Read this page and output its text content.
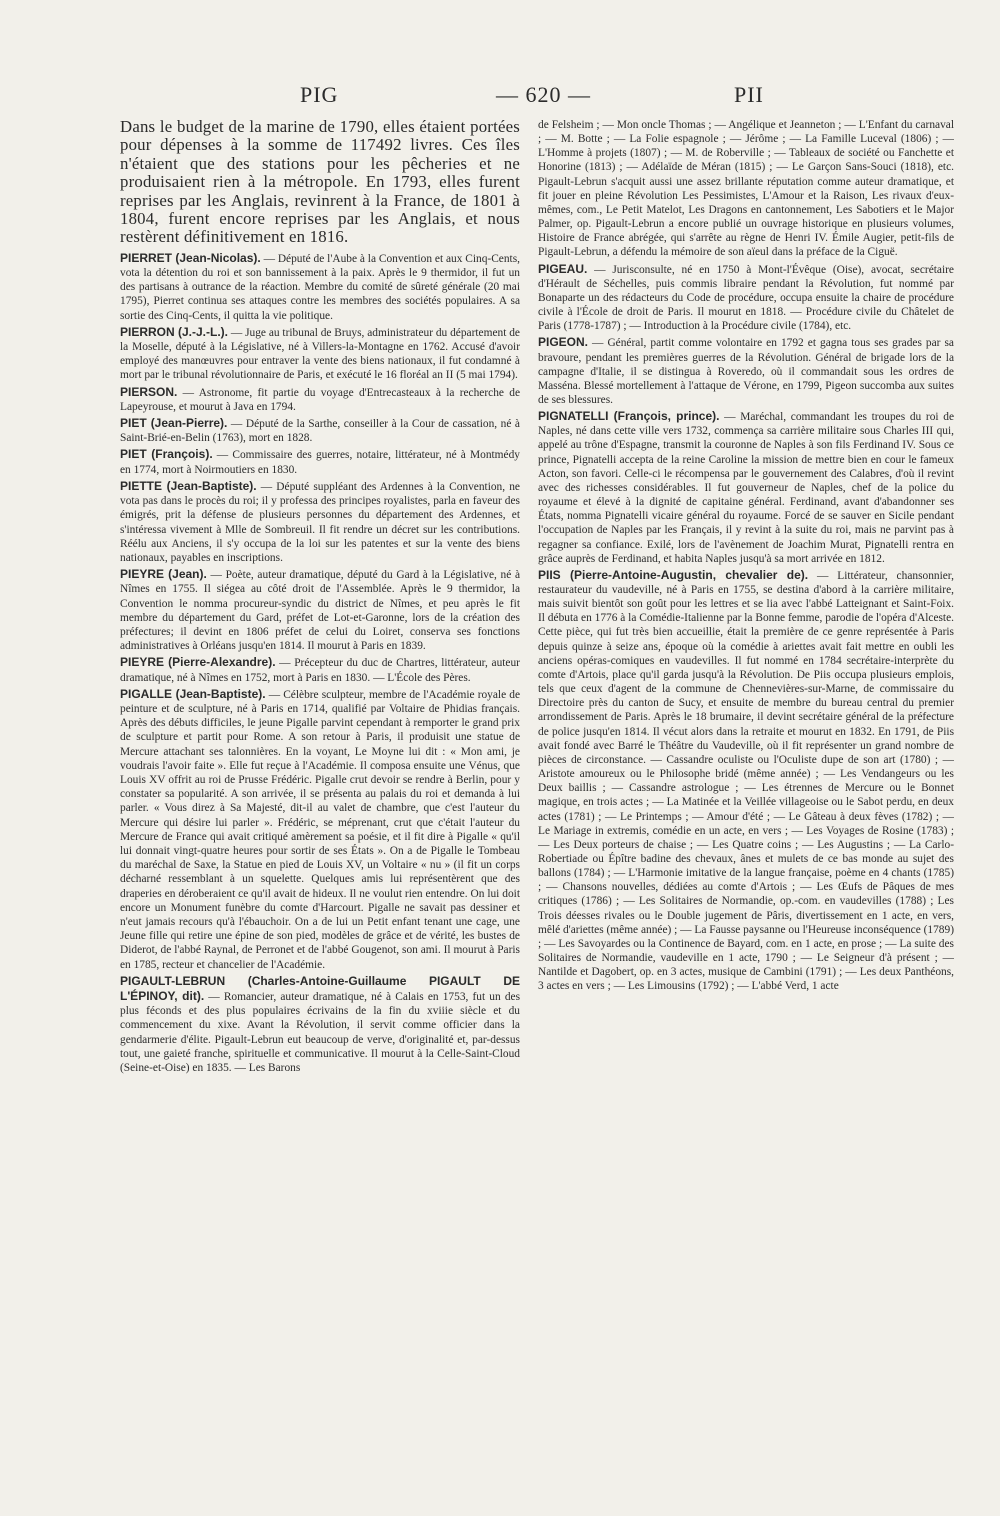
PIG	— 620 —	PII

Dans le budget de la marine de 1790, elles étaient portées pour dépenses à la somme de 117492 livres. Ces îles n'étaient que des stations pour les pêcheries et ne produisaient rien à la métropole. En 1793, elles furent reprises par les Anglais, revinrent à la France, de 1801 à 1804, furent encore reprises par les Anglais, et nous restèrent définitivement en 1816.

PIERRET (Jean-Nicolas). — Député de l'Aube à la Convention et aux Cinq-Cents, vota la détention du roi et son bannissement à la paix. Après le 9 thermidor, il fut un des partisans à outrance de la réaction. Membre du comité de sûreté générale (20 mai 1795), Pierret continua ses attaques contre les membres des sociétés populaires. A sa sortie des Cinq-Cents, il quitta la vie politique.

PIERRON (J.-J.-L.). — Juge au tribunal de Bruys, administrateur du département de la Moselle, député à la Législative, né à Villers-la-Montagne en 1762. Accusé d'avoir employé des manœuvres pour entraver la vente des biens nationaux, il fut condamné à mort par le tribunal révolutionnaire de Paris, et exécuté le 16 floréal an II (5 mai 1794).

PIERSON. — Astronome, fit partie du voyage d'Entrecasteaux à la recherche de Lapeyrouse, et mourut à Java en 1794.

PIET (Jean-Pierre). — Député de la Sarthe, conseiller à la Cour de cassation, né à Saint-Brié-en-Belin (1763), mort en 1828.

PIET (François). — Commissaire des guerres, notaire, littérateur, né à Montmédy en 1774, mort à Noirmoutiers en 1830.

PIETTE (Jean-Baptiste). — Député suppléant des Ardennes à la Convention, ne vota pas dans le procès du roi; il y professa des principes royalistes, parla en faveur des émigrés, prit la défense de plusieurs personnes du département des Ardennes, et s'intéressa vivement à Mlle de Sombreuil. Il fit rendre un décret sur les contributions. Réélu aux Anciens, il s'y occupa de la loi sur les patentes et sur la vente des biens nationaux, payables en inscriptions.

PIEYRE (Jean). — Poète, auteur dramatique, député du Gard à la Législative, né à Nîmes en 1755. Il siégea au côté droit de l'Assemblée. Après le 9 thermidor, la Convention le nomma procureur-syndic du district de Nîmes, et peu après le fit membre du département du Gard, préfet de Lot-et-Garonne, lors de la création des préfectures; il devint en 1806 préfet de celui du Loiret, conserva ses fonctions administratives à Orléans jusqu'en 1814. Il mourut à Paris en 1839.

PIEYRE (Pierre-Alexandre). — Précepteur du duc de Chartres, littérateur, auteur dramatique, né à Nîmes en 1752, mort à Paris en 1830. — L'École des Pères.

PIGALLE (Jean-Baptiste). — Célèbre sculpteur, membre de l'Académie royale de peinture et de sculpture, né à Paris en 1714, qualifié par Voltaire de Phidias français. Après des débuts difficiles, le jeune Pigalle parvint cependant à remporter le grand prix de sculpture et partit pour Rome. A son retour à Paris, il produisit une statue de Mercure attachant ses talonnières. En la voyant, Le Moyne lui dit : « Mon ami, je voudrais l'avoir faite ». Elle fut reçue à l'Académie. Il composa ensuite une Vénus, que Louis XV offrit au roi de Prusse Frédéric. Pigalle crut devoir se rendre à Berlin, pour y constater sa popularité. A son arrivée, il se présenta au palais du roi et demanda à lui parler. « Vous direz à Sa Majesté, dit-il au valet de chambre, que c'est l'auteur du Mercure qui désire lui parler ». Frédéric, se méprenant, crut que c'était l'auteur du Mercure de France qui avait critiqué amèrement sa poésie, et il fit dire à Pigalle « qu'il lui donnait vingt-quatre heures pour sortir de ses États ». On a de Pigalle le Tombeau du maréchal de Saxe, la Statue en pied de Louis XV, un Voltaire « nu » (il fit un corps décharné ressemblant à un squelette. Quelques amis lui représentèrent que des draperies en déroberaient ce qu'il avait de hideux. Il ne voulut rien entendre. On lui doit encore un Monument funèbre du comte d'Harcourt. Pigalle ne savait pas dessiner et n'eut jamais recours qu'à l'ébauchoir. On a de lui un Petit enfant tenant une cage, une Jeune fille qui retire une épine de son pied, modèles de grâce et de vérité, les bustes de Diderot, de l'abbé Raynal, de Perronet et de l'abbé Gougenot, son ami. Il mourut à Paris en 1785, recteur et chancelier de l'Académie.

PIGAULT-LEBRUN (Charles-Antoine-Guillaume PIGAULT DE L'ÉPINOY, dit). — Romancier, auteur dramatique, né à Calais en 1753, fut un des plus féconds et des plus populaires écrivains de la fin du xviiie siècle et du commencement du xixe. Avant la Révolution, il servit comme officier dans la gendarmerie d'élite. Pigault-Lebrun eut beaucoup de verve, d'originalité et, par-dessus tout, une gaieté franche, spirituelle et communicative. Il mourut à la Celle-Saint-Cloud (Seine-et-Oise) en 1835. — Les Barons

de Felsheim ; — Mon oncle Thomas ; — Angélique et Jeanneton ; — L'Enfant du carnaval ; — M. Botte ; — La Folie espagnole ; — Jérôme ; — La Famille Luceval (1806) ; — L'Homme à projets (1807) ; — M. de Roberville ; — Tableaux de société ou Fanchette et Honorine (1813) ; — Adélaïde de Méran (1815) ; — Le Garçon Sans-Souci (1818), etc. Pigault-Lebrun s'acquit aussi une assez brillante réputation comme auteur dramatique, et fit jouer en pleine Révolution Les Pessimistes, L'Amour et la Raison, Les rivaux d'eux-mêmes, com., Le Petit Matelot, Les Dragons en cantonnement, Les Sabotiers et le Major Palmer, op. Pigault-Lebrun a encore publié un ouvrage historique en plusieurs volumes, Histoire de France abrégée, qui s'arrête au règne de Henri IV. Émile Augier, petit-fils de Pigault-Lebrun, a défendu la mémoire de son aïeul dans la préface de la Ciguë.

PIGEAU. — Jurisconsulte, né en 1750 à Mont-l'Évêque (Oise), avocat, secrétaire d'Hérault de Séchelles, puis commis libraire pendant la Révolution, fut nommé par Bonaparte un des rédacteurs du Code de procédure, occupa ensuite la chaire de procédure civile à l'École de droit de Paris. Il mourut en 1818. — Procédure civile du Châtelet de Paris (1778-1787) ; — Introduction à la Procédure civile (1784), etc.

PIGEON. — Général, partit comme volontaire en 1792 et gagna tous ses grades par sa bravoure, pendant les premières guerres de la Révolution. Général de brigade lors de la campagne d'Italie, il se distingua à Roveredo, où il commandait sous les ordres de Masséna. Blessé mortellement à l'attaque de Vérone, en 1799, Pigeon succomba aux suites de ses blessures.

PIGNATELLI (François, prince). — Maréchal, commandant les troupes du roi de Naples, né dans cette ville vers 1732, commença sa carrière militaire sous Charles III qui, appelé au trône d'Espagne, transmit la couronne de Naples à son fils Ferdinand IV. Sous ce prince, Pignatelli accepta de la reine Caroline la mission de mettre bien en cour le fameux Acton, son favori. Celle-ci le récompensa par le gouvernement des Calabres, d'où il revint avec des richesses considérables. Il fut gouverneur de Naples, chef de la police du royaume et élevé à la dignité de capitaine général. Ferdinand, avant d'abandonner ses États, nomma Pignatelli vicaire général du royaume. Forcé de se sauver en Sicile pendant l'occupation de Naples par les Français, il y revint à la suite du roi, mais ne parvint pas à regagner sa confiance. Exilé, lors de l'avènement de Joachim Murat, Pignatelli rentra en grâce auprès de Ferdinand, et habita Naples jusqu'à sa mort arrivée en 1812.

PIIS (Pierre-Antoine-Augustin, chevalier de). — Littérateur, chansonnier, restaurateur du vaudeville, né à Paris en 1755, se destina d'abord à la carrière militaire, mais suivit bientôt son goût pour les lettres et se lia avec l'abbé Latteignant et Saint-Foix. Il débuta en 1776 à la Comédie-Italienne par la Bonne femme, parodie de l'opéra d'Alceste. Cette pièce, qui fut très bien accueillie, était la première de ce genre représentée à Paris depuis quinze à seize ans, époque où la comédie à ariettes avait fait mettre en oubli les anciens opéras-comiques en vaudevilles. Il fut nommé en 1784 secrétaire-interprète du comte d'Artois, place qu'il garda jusqu'à la Révolution. De Piis occupa plusieurs emplois, tels que ceux d'agent de la commune de Chennevières-sur-Marne, de commissaire du Directoire près du canton de Sucy, et ensuite de membre du bureau central du premier arrondissement de Paris. Après le 18 brumaire, il devint secrétaire général de la préfecture de police jusqu'en 1814. Il vécut alors dans la retraite et mourut en 1832. En 1791, de Piis avait fondé avec Barré le Théâtre du Vaudeville, où il fit représenter un grand nombre de pièces de circonstance. — Cassandre oculiste ou l'Oculiste dupe de son art (1780) ; — Aristote amoureux ou le Philosophe bridé (même année) ; — Les Vendangeurs ou les Deux baillis ; — Cassandre astrologue ; — Les étrennes de Mercure ou le Bonnet magique, en trois actes ; — La Matinée et la Veillée villageoise ou le Sabot perdu, en deux actes (1781) ; — Le Printemps ; — Amour d'été ; — Le Gâteau à deux fèves (1782) ; — Le Mariage in extremis, comédie en un acte, en vers ; — Les Voyages de Rosine (1783) ; — Les Deux porteurs de chaise ; — Les Quatre coins ; — Les Augustins ; — La Carlo-Robertiade ou Épître badine des chevaux, ânes et mulets de ce bas monde au sujet des ballons (1784) ; — L'Harmonie imitative de la langue française, poème en 4 chants (1785) ; — Chansons nouvelles, dédiées au comte d'Artois ; — Les Œufs de Pâques de mes critiques (1786) ; — Les Solitaires de Normandie, op.-com. en vaudevilles (1788) ; Les Trois déesses rivales ou le Double jugement de Pâris, divertissement en 1 acte, en vers, mêlé d'ariettes (même année) ; — La Fausse paysanne ou l'Heureuse inconséquence (1789) ; — Les Savoyardes ou la Continence de Bayard, com. en 1 acte, en prose ; — La suite des Solitaires de Normandie, vaudeville en 1 acte, 1790 ; — Le Seigneur d'à présent ; — Nantilde et Dagobert, op. en 3 actes, musique de Cambini (1791) ; — Les deux Panthéons, 3 actes en vers ; — Les Limousins (1792) ; — L'abbé Verd, 1 acte
